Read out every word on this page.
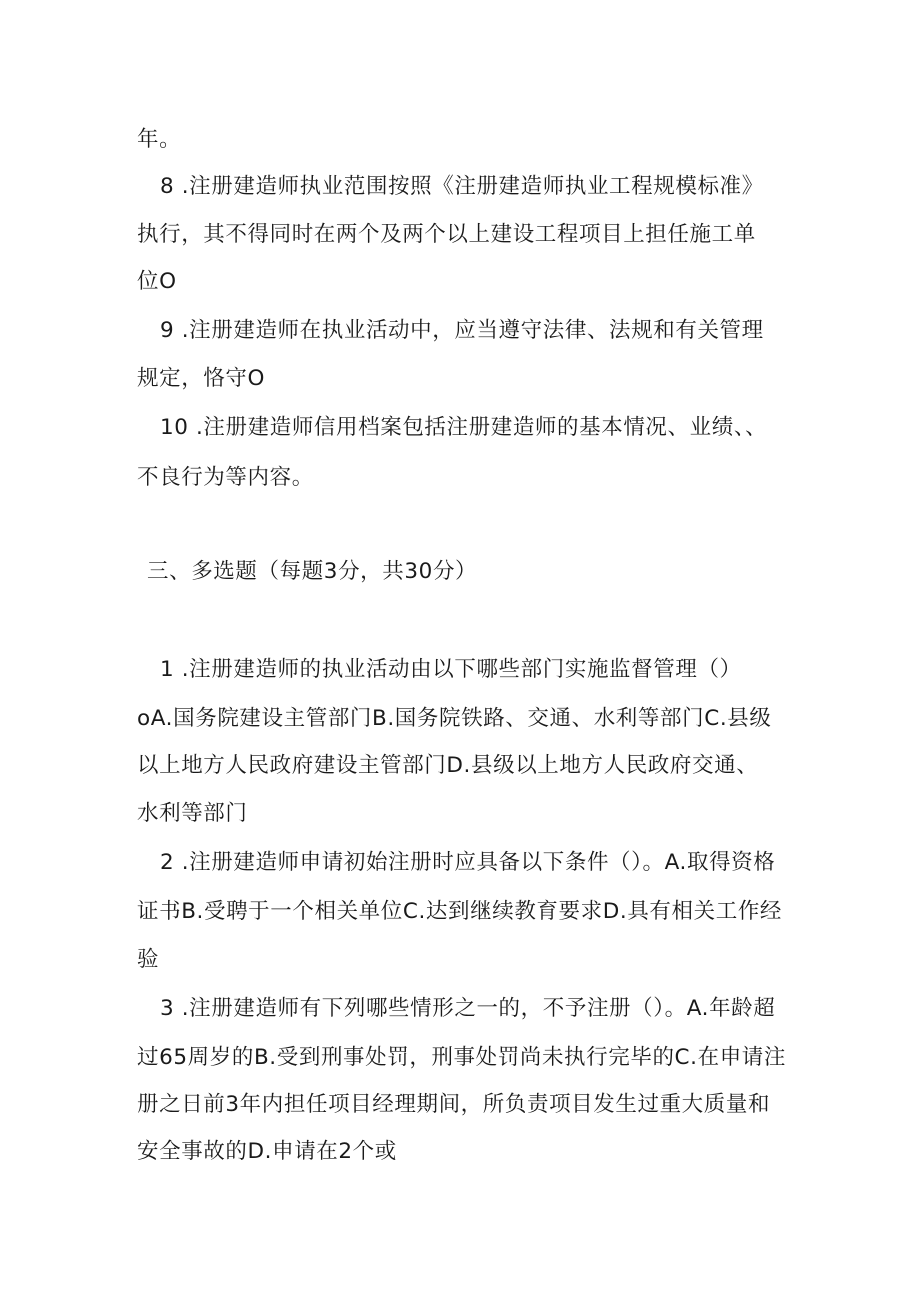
年。
8 .注册建造师执业范围按照《注册建造师执业工程规模标准》
执行，其不得同时在两个及两个以上建设工程项目上担任施工单
位O
9 .注册建造师在执业活动中，应当遵守法律、法规和有关管理
规定，恪守O
10 .注册建造师信用档案包括注册建造师的基本情况、业绩、、
不良行为等内容。
三、多选题（每题3分，共30分）
1 .注册建造师的执业活动由以下哪些部门实施监督管理（）
oA.国务院建设主管部门B.国务院铁路、交通、水利等部门C.县级
以上地方人民政府建设主管部门D.县级以上地方人民政府交通、
水利等部门
2 .注册建造师申请初始注册时应具备以下条件（）。A.取得资格
证书B.受聘于一个相关单位C.达到继续教育要求D.具有相关工作经
验
3 .注册建造师有下列哪些情形之一的，不予注册（）。A.年龄超
过65周岁的B.受到刑事处罚，刑事处罚尚未执行完毕的C.在申请注
册之日前3年内担任项目经理期间，所负责项目发生过重大质量和
安全事故的D.申请在2个或
